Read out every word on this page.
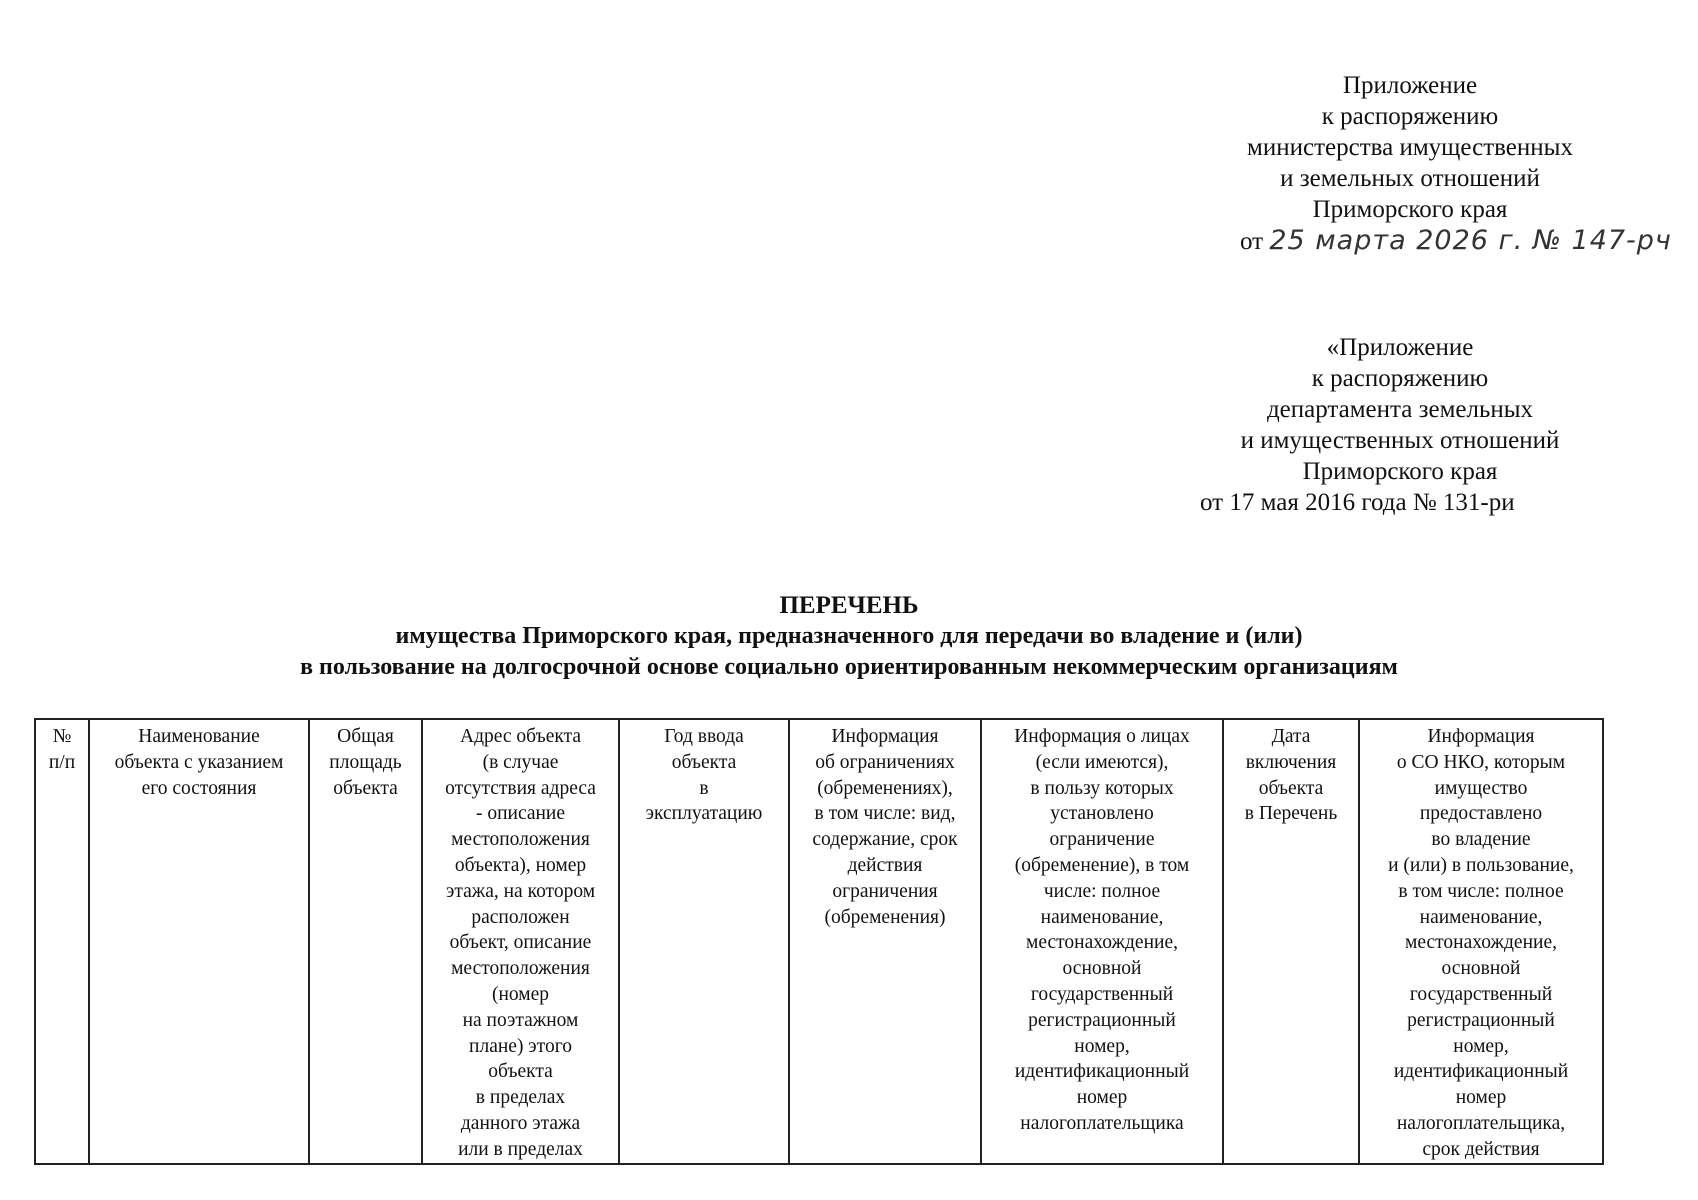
Приложение
к распоряжению
министерства имущественных
и земельных отношений
Приморского края
от 25 марта 2026 г. № 147-рч
«Приложение
к распоряжению
департамента земельных
и имущественных отношений
Приморского края
от 17 мая 2016 года № 131-ри
ПЕРЕЧЕНЬ
имущества Приморского края, предназначенного для передачи во владение и (или)
в пользование на долгосрочной основе социально ориентированным некоммерческим организациям
№
п/п

Наименование
объекта с указанием
его состояния

Общая
площадь
объекта

Адрес объекта
(в случае
отсутствия адреса
- описание
местоположения
объекта), номер
этажа, на котором
расположен
объект, описание
местоположения
(номер
на поэтажном
плане) этого
объекта
в пределах
данного этажа
или в пределах

Год ввода
объекта
в
эксплуатацию

Информация
об ограничениях
(обременениях),
в том числе: вид,
содержание, срок
действия
ограничения
(обременения)

Информация о лицах
(если имеются),
в пользу которых
установлено
ограничение
(обременение), в том
числе: полное
наименование,
местонахождение,
основной
государственный
регистрационный
номер,
идентификационный
номер
налогоплательщика

Дата
включения
объекта
в Перечень

Информация
о СО НКО, которым
имущество
предоставлено
во владение
и (или) в пользование,
в том числе: полное
наименование,
местонахождение,
основной
государственный
регистрационный
номер,
идентификационный
номер
налогоплательщика,
срок действия
